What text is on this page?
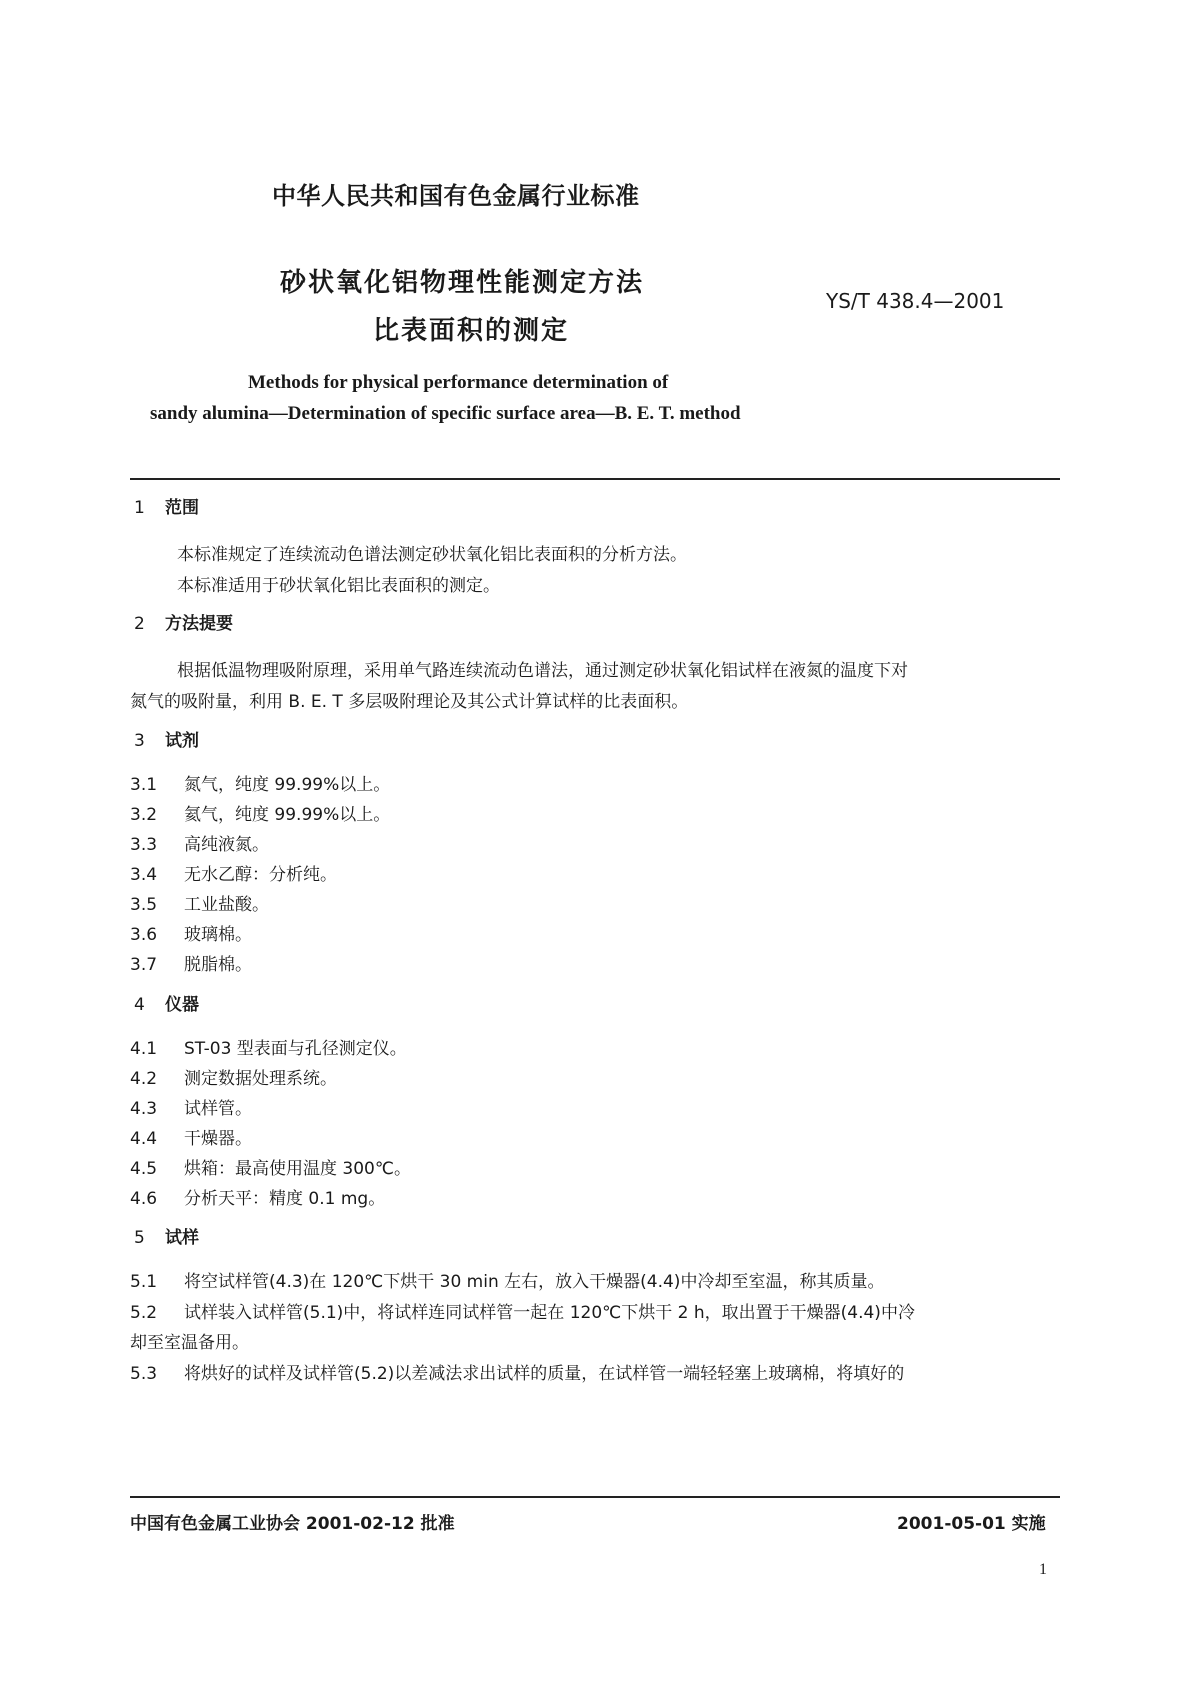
中华人民共和国有色金属行业标准
砂状氧化铝物理性能测定方法
比表面积的测定
YS/T 438.4—2001
Methods for physical performance determination of
sandy alumina—Determination of specific surface area—B. E. T. method
1 范围
本标准规定了连续流动色谱法测定砂状氧化铝比表面积的分析方法。
本标准适用于砂状氧化铝比表面积的测定。
2 方法提要
根据低温物理吸附原理，采用单气路连续流动色谱法，通过测定砂状氧化铝试样在液氮的温度下对
氮气的吸附量，利用 B. E. T 多层吸附理论及其公式计算试样的比表面积。
3 试剂
3.1 氮气，纯度 99.99%以上。
3.2 氦气，纯度 99.99%以上。
3.3 高纯液氮。
3.4 无水乙醇：分析纯。
3.5 工业盐酸。
3.6 玻璃棉。
3.7 脱脂棉。
4 仪器
4.1 ST-03 型表面与孔径测定仪。
4.2 测定数据处理系统。
4.3 试样管。
4.4 干燥器。
4.5 烘箱：最高使用温度 300℃。
4.6 分析天平：精度 0.1 mg。
5 试样
5.1 将空试样管(4.3)在 120℃下烘干 30 min 左右，放入干燥器(4.4)中冷却至室温，称其质量。
5.2 试样装入试样管(5.1)中，将试样连同试样管一起在 120℃下烘干 2 h，取出置于干燥器(4.4)中冷
却至室温备用。
5.3 将烘好的试样及试样管(5.2)以差减法求出试样的质量，在试样管一端轻轻塞上玻璃棉，将填好的
中国有色金属工业协会 2001-02-12 批准	2001-05-01 实施
1
